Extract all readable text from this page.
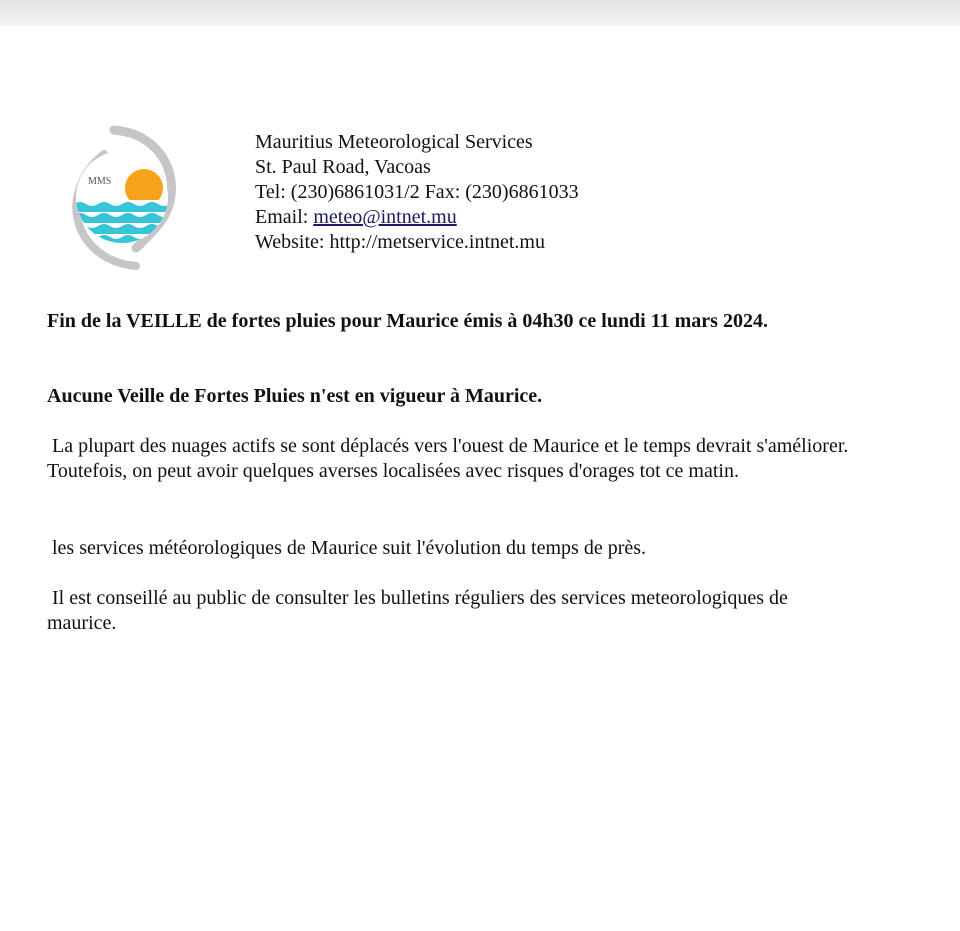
MMS
Mauritius Meteorological Services
St. Paul Road, Vacoas
Tel: (230)6861031/2 Fax: (230)6861033
Email: meteo@intnet.mu
Website: http://metservice.intnet.mu
Fin de la VEILLE de fortes pluies pour Maurice émis à 04h30 ce lundi 11 mars 2024.
Aucune Veille de Fortes Pluies n'est en vigueur à Maurice.
La plupart des nuages actifs se sont déplacés vers l'ouest de Maurice et le temps devrait s'améliorer.
Toutefois, on peut avoir quelques averses localisées avec risques d'orages tot ce matin.
les services météorologiques de Maurice suit l'évolution du temps de près.
Il est conseillé au public de consulter les bulletins réguliers des services meteorologiques de
maurice.
